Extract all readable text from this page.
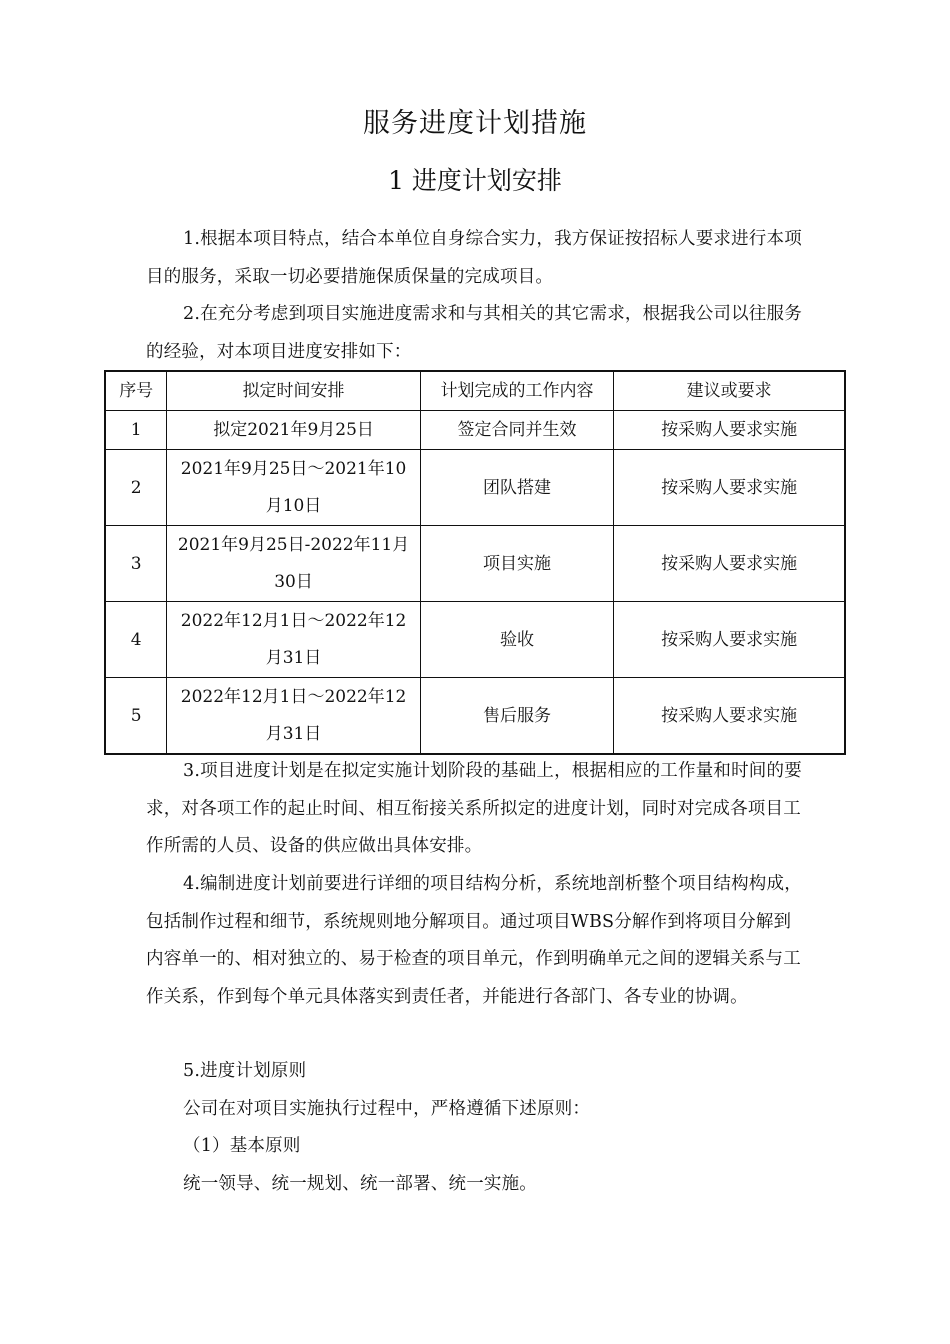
服务进度计划措施
1 进度计划安排

1.根据本项目特点，结合本单位自身综合实力，我方保证按招标人要求进行本项目的服务，采取一切必要措施保质保量的完成项目。

2.在充分考虑到项目实施进度需求和与其相关的其它需求，根据我公司以往服务的经验，对本项目进度安排如下：

序号	拟定时间安排	计划完成的工作内容	建议或要求
1	拟定2021年9月25日	签定合同并生效	按采购人要求实施
2	2021年9月25日～2021年10月10日	团队搭建	按采购人要求实施
3	2021年9月25日-2022年11月30日	项目实施	按采购人要求实施
4	2022年12月1日～2022年12月31日	验收	按采购人要求实施
5	2022年12月1日～2022年12月31日	售后服务	按采购人要求实施

3.项目进度计划是在拟定实施计划阶段的基础上，根据相应的工作量和时间的要求，对各项工作的起止时间、相互衔接关系所拟定的进度计划，同时对完成各项目工作所需的人员、设备的供应做出具体安排。

4.编制进度计划前要进行详细的项目结构分析，系统地剖析整个项目结构构成，包括制作过程和细节，系统规则地分解项目。通过项目WBS分解作到将项目分解到内容单一的、相对独立的、易于检查的项目单元，作到明确单元之间的逻辑关系与工作关系，作到每个单元具体落实到责任者，并能进行各部门、各专业的协调。

5.进度计划原则

公司在对项目实施执行过程中，严格遵循下述原则：

（1）基本原则

统一领导、统一规划、统一部署、统一实施。
